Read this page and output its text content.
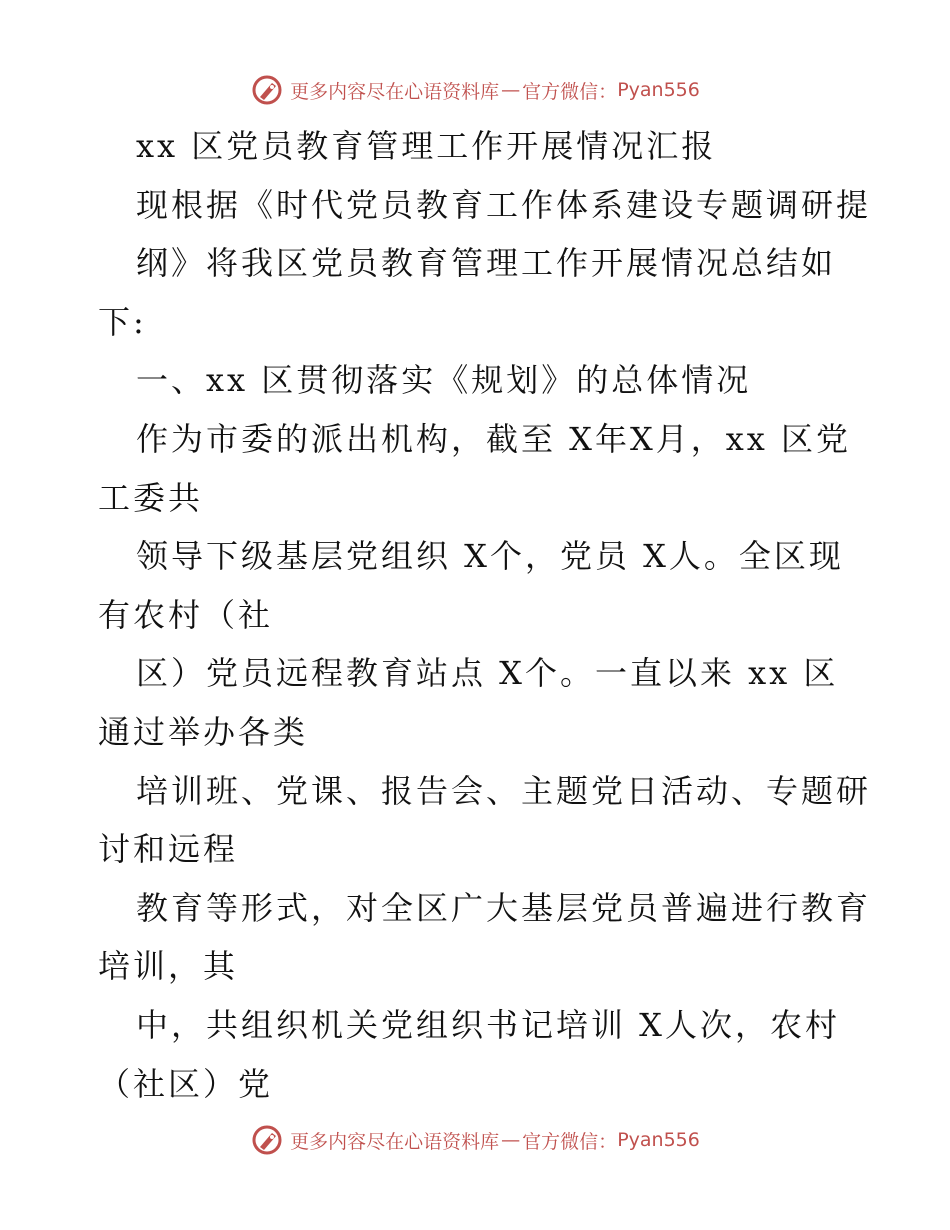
更多内容尽在心语资料库 — 官方微信： Pyan556
xx 区党员教育管理工作开展情况汇报
现根据《时代党员教育工作体系建设专题调研提
纲》将我区党员教育管理工作开展情况总结如
下:
一、xx 区贯彻落实《规划》的总体情况
作为市委的派出机构，截至 X年X月，xx 区党
工委共
领导下级基层党组织 X个，党员 X人。全区现
有农村（社
区）党员远程教育站点 X个。一直以来 xx 区
通过举办各类
培训班、党课、报告会、主题党日活动、专题研
讨和远程
教育等形式，对全区广大基层党员普遍进行教育
培训，其
中，共组织机关党组织书记培训 X人次，农村
（社区）党
更多内容尽在心语资料库 — 官方微信： Pyan556
